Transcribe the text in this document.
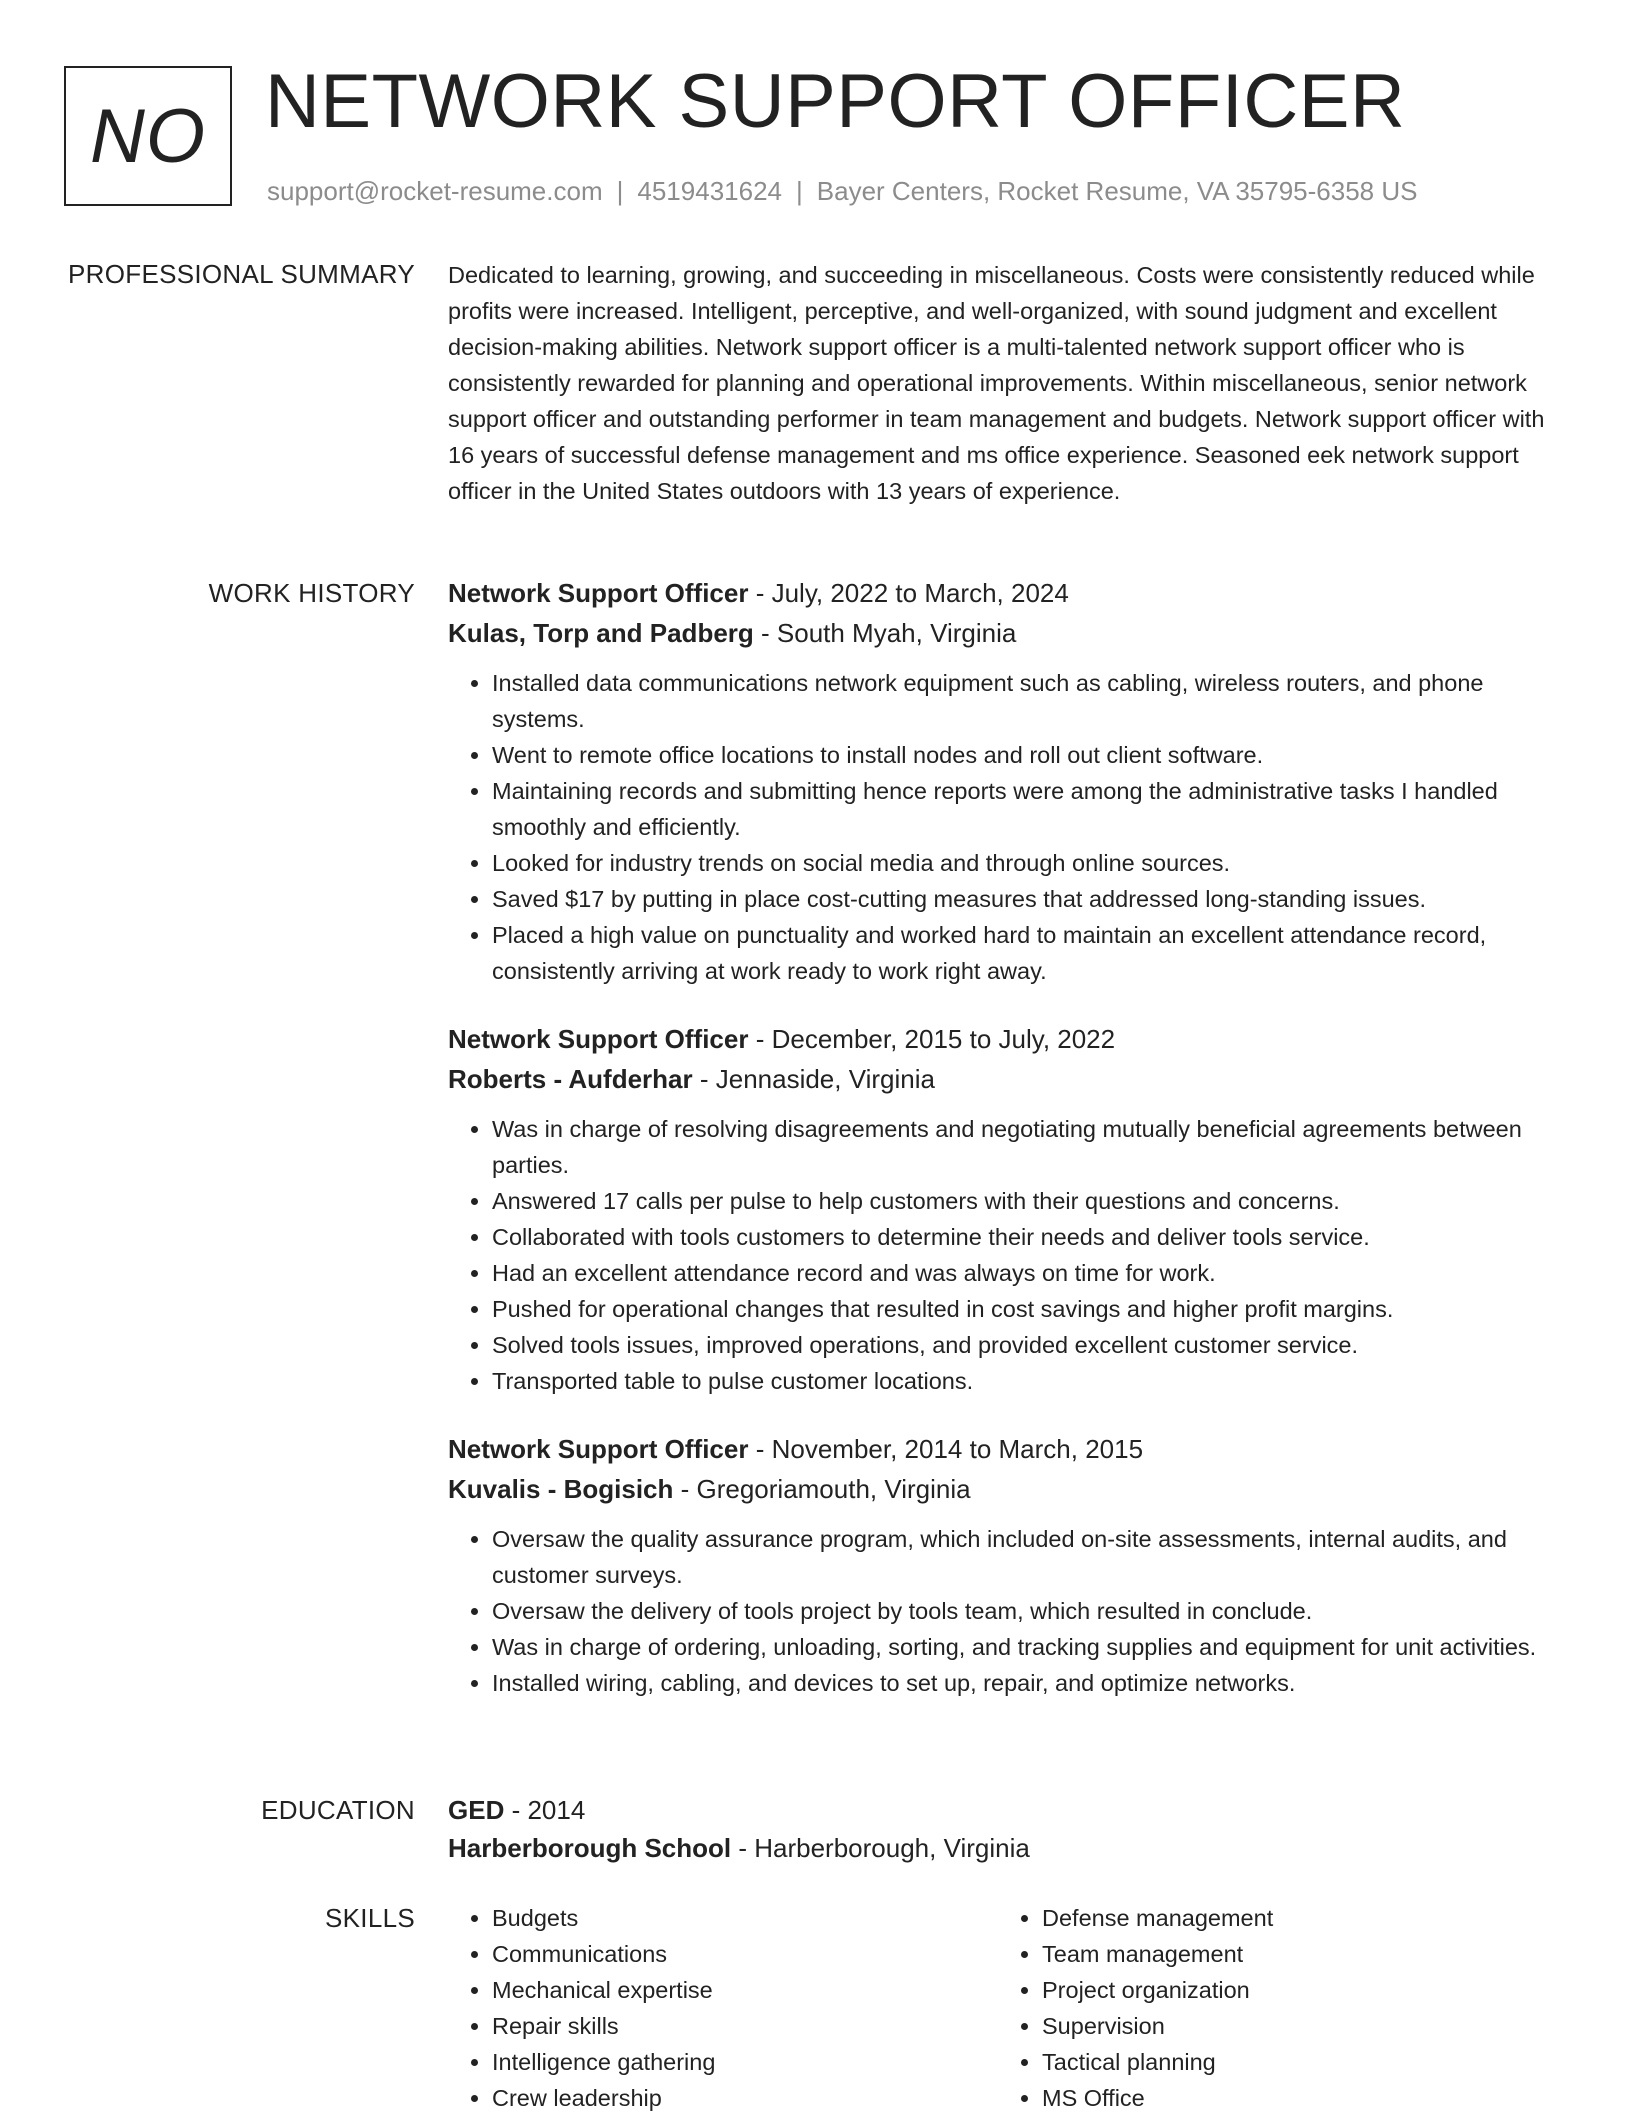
NO NETWORK SUPPORT OFFICER
support@rocket-resume.com | 4519431624 | Bayer Centers, Rocket Resume, VA 35795-6358 US
PROFESSIONAL SUMMARY Dedicated to learning, growing, and succeeding in miscellaneous. Costs were consistently reduced while profits were increased. Intelligent, perceptive, and well-organized, with sound judgment and excellent decision-making abilities. Network support officer is a multi-talented network support officer who is consistently rewarded for planning and operational improvements. Within miscellaneous, senior network support officer and outstanding performer in team management and budgets. Network support officer with 16 years of successful defense management and ms office experience. Seasoned eek network support officer in the United States outdoors with 13 years of experience.

WORK HISTORY Network Support Officer - July, 2022 to March, 2024

Kulas, Torp and Padberg - South Myah, Virginia

• Installed data communications network equipment such as cabling, wireless routers, and phone systems.
• Went to remote office locations to install nodes and roll out client software.
• Maintaining records and submitting hence reports were among the administrative tasks I handled smoothly and efficiently.
• Looked for industry trends on social media and through online sources.
• Saved $17 by putting in place cost-cutting measures that addressed long-standing issues.
• Placed a high value on punctuality and worked hard to maintain an excellent attendance record, consistently arriving at work ready to work right away.

Network Support Officer - December, 2015 to July, 2022

Roberts - Aufderhar - Jennaside, Virginia

• Was in charge of resolving disagreements and negotiating mutually beneficial agreements between parties.
• Answered 17 calls per pulse to help customers with their questions and concerns.
• Collaborated with tools customers to determine their needs and deliver tools service.
• Had an excellent attendance record and was always on time for work.
• Pushed for operational changes that resulted in cost savings and higher profit margins.
• Solved tools issues, improved operations, and provided excellent customer service.
• Transported table to pulse customer locations.

Network Support Officer - November, 2014 to March, 2015

Kuvalis - Bogisich - Gregoriamouth, Virginia

• Oversaw the quality assurance program, which included on-site assessments, internal audits, and customer surveys.
• Oversaw the delivery of tools project by tools team, which resulted in conclude.
• Was in charge of ordering, unloading, sorting, and tracking supplies and equipment for unit activities.
• Installed wiring, cabling, and devices to set up, repair, and optimize networks.
EDUCATION GED - 2014

Harberborough School - Harberborough, Virginia

SKILLS
•	Budgets
• Communications
• Mechanical expertise
• Repair skills
• Intelligence gathering
• Crew leadership
• Defense management
• Team management
• Project organization
• Supervision
• Tactical planning
• MS Office
